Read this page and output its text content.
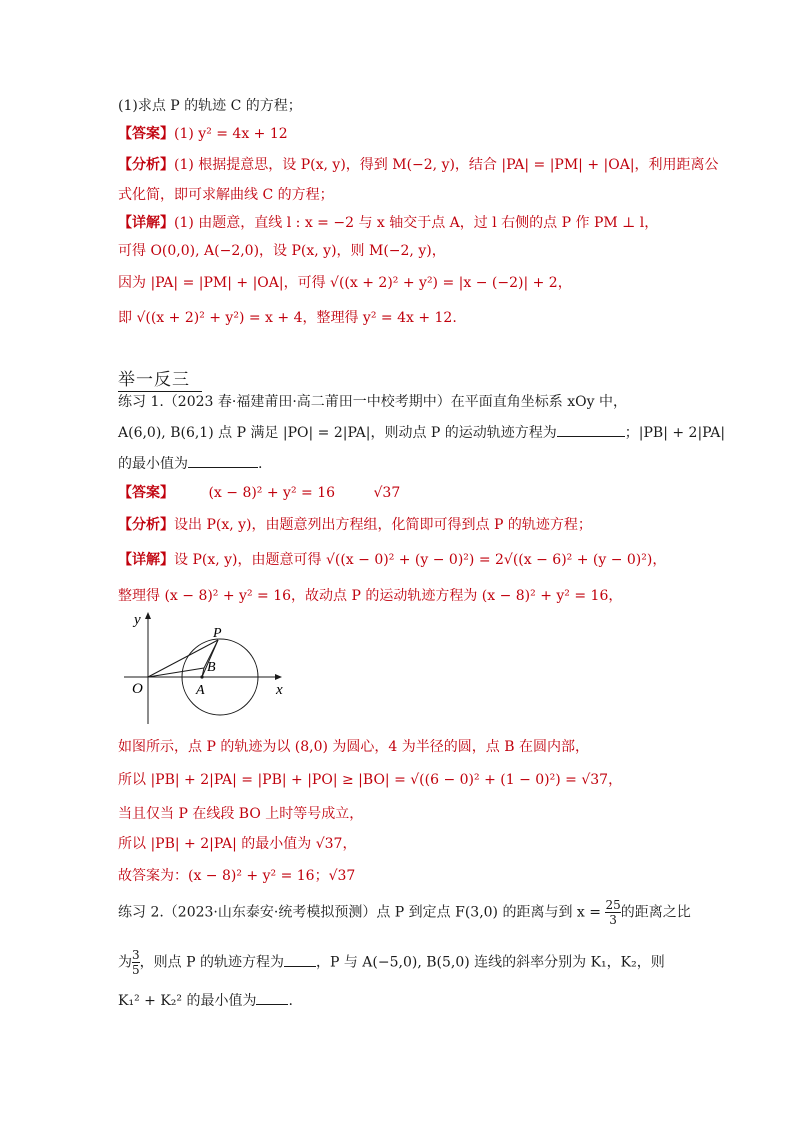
(1)求点 P 的轨迹 C 的方程；
【答案】(1) y² = 4x + 12
【分析】(1) 根据提意思，设 P(x, y)，得到 M(−2, y)，结合 |PA| = |PM| + |OA|，利用距离公
式化简，即可求解曲线 C 的方程；
【详解】(1) 由题意，直线 l : x = −2 与 x 轴交于点 A，过 l 右侧的点 P 作 PM ⊥ l，
可得 O(0,0), A(−2,0)，设 P(x, y)，则 M(−2, y)，
因为 |PA| = |PM| + |OA|，可得 √((x + 2)² + y²) = |x − (−2)| + 2，
即 √((x + 2)² + y²) = x + 4，整理得 y² = 4x + 12.
举一反三
练习 1.（2023 春·福建莆田·高二莆田一中校考期中）在平面直角坐标系 xOy 中，
A(6,0), B(6,1) 点 P 满足 |PO| = 2|PA|，则动点 P 的运动轨迹方程为	；|PB| + 2|PA|
的最小值为	.
【答案】 (x − 8)² + y² = 16	√37
【分析】设出 P(x, y)，由题意列出方程组，化简即可得到点 P 的轨迹方程；
【详解】设 P(x, y)，由题意可得 √((x − 0)² + (y − 0)²) = 2√((x − 6)² + (y − 0)²)，
整理得 (x − 8)² + y² = 16，故动点 P 的运动轨迹方程为 (x − 8)² + y² = 16，
y
x
O	A
B
P
如图所示，点 P 的轨迹为以 (8,0) 为圆心，4 为半径的圆，点 B 在圆内部，
所以 |PB| + 2|PA| = |PB| + |PO| ≥ |BO| = √((6 − 0)² + (1 − 0)²) = √37，
当且仅当 P 在线段 BO 上时等号成立，
所以 |PB| + 2|PA| 的最小值为 √37，
故答案为：(x − 8)² + y² = 16；√37
练习 2.（2023·山东泰安·统考模拟预测）点 P 到定点 F(3,0) 的距离与到 $x = \frac{25}{3}$ 的距离之比
为 $\frac{3}{5}$ ，则点 P 的轨迹方程为 ，P 与 A(−5,0), B(5,0) 连线的斜率分别为 K₁，K₂，则
K₁² + K₂² 的最小值为 .
